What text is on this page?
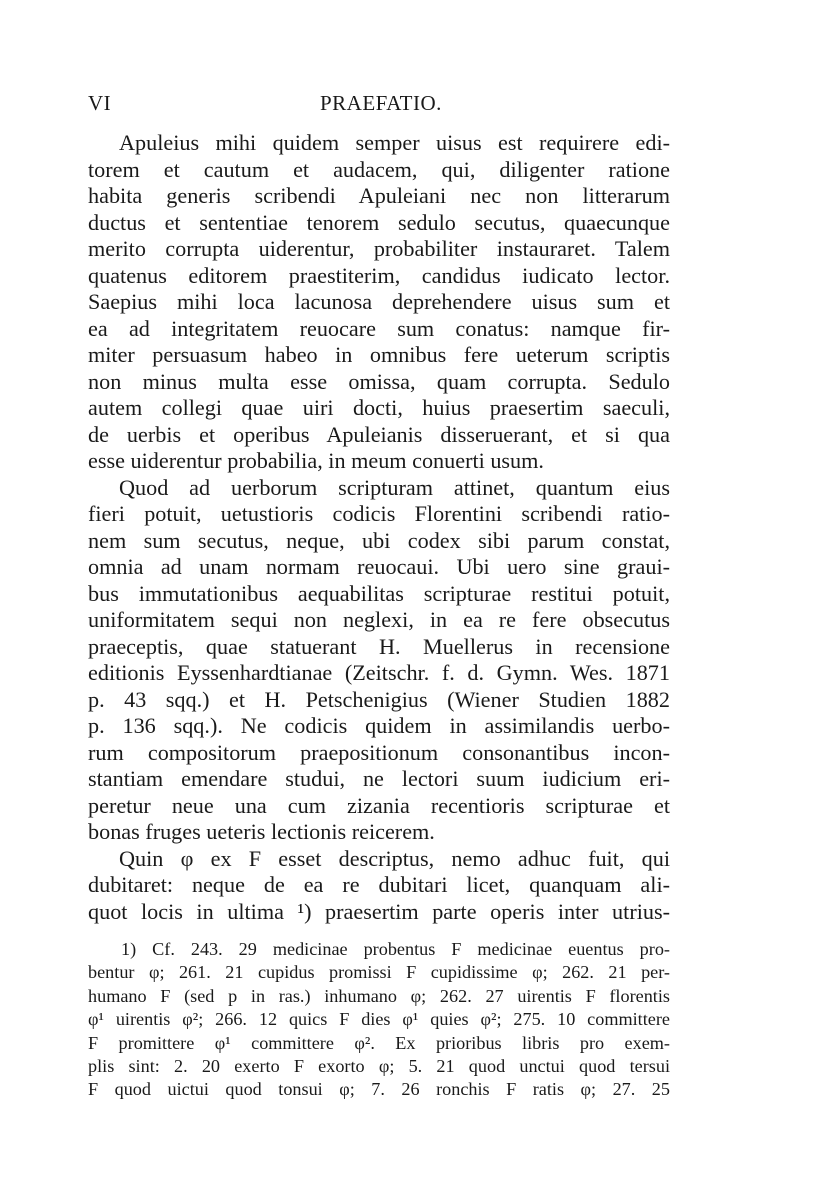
VI	PRAEFATIO.
Apuleius mihi quidem semper uisus est requirere edi-
torem et cautum et audacem, qui, diligenter ratione
habita generis scribendi Apuleiani nec non litterarum
ductus et sententiae tenorem sedulo secutus, quaecunque
merito corrupta uiderentur, probabiliter instauraret. Talem
quatenus editorem praestiterim, candidus iudicato lector.
Saepius mihi loca lacunosa deprehendere uisus sum et
ea ad integritatem reuocare sum conatus: namque fir-
miter persuasum habeo in omnibus fere ueterum scriptis
non minus multa esse omissa, quam corrupta. Sedulo
autem collegi quae uiri docti, huius praesertim saeculi,
de uerbis et operibus Apuleianis disseruerant, et si qua
esse uiderentur probabilia, in meum conuerti usum.
Quod ad uerborum scripturam attinet, quantum eius
fieri potuit, uetustioris codicis Florentini scribendi ratio-
nem sum secutus, neque, ubi codex sibi parum constat,
omnia ad unam normam reuocaui. Ubi uero sine graui-
bus immutationibus aequabilitas scripturae restitui potuit,
uniformitatem sequi non neglexi, in ea re fere obsecutus
praeceptis, quae statuerant H. Muellerus in recensione
editionis Eyssenhardtianae (Zeitschr. f. d. Gymn. Wes. 1871
p. 43 sqq.) et H. Petschenigius (Wiener Studien 1882
p. 136 sqq.). Ne codicis quidem in assimilandis uerbo-
rum compositorum praepositionum consonantibus incon-
stantiam emendare studui, ne lectori suum iudicium eri-
peretur neue una cum zizania recentioris scripturae et
bonas fruges ueteris lectionis reicerem.
Quin φ ex F esset descriptus, nemo adhuc fuit, qui
dubitaret: neque de ea re dubitari licet, quanquam ali-
quot locis in ultima ¹) praesertim parte operis inter utrius-
1) Cf. 243. 29 medicinae probentus F medicinae euentus pro-
bentur φ; 261. 21 cupidus promissi F cupidissime φ; 262. 21 per-
humano F (sed p in ras.) inhumano φ; 262. 27 uirentis F florentis
φ¹ uirentis φ²; 266. 12 quics F dies φ¹ quies φ²; 275. 10 committere
F promittere φ¹ committere φ². Ex prioribus libris pro exem-
plis sint: 2. 20 exerto F exorto φ; 5. 21 quod unctui quod tersui
F quod uictui quod tonsui φ; 7. 26 ronchis F ratis φ; 27. 25
